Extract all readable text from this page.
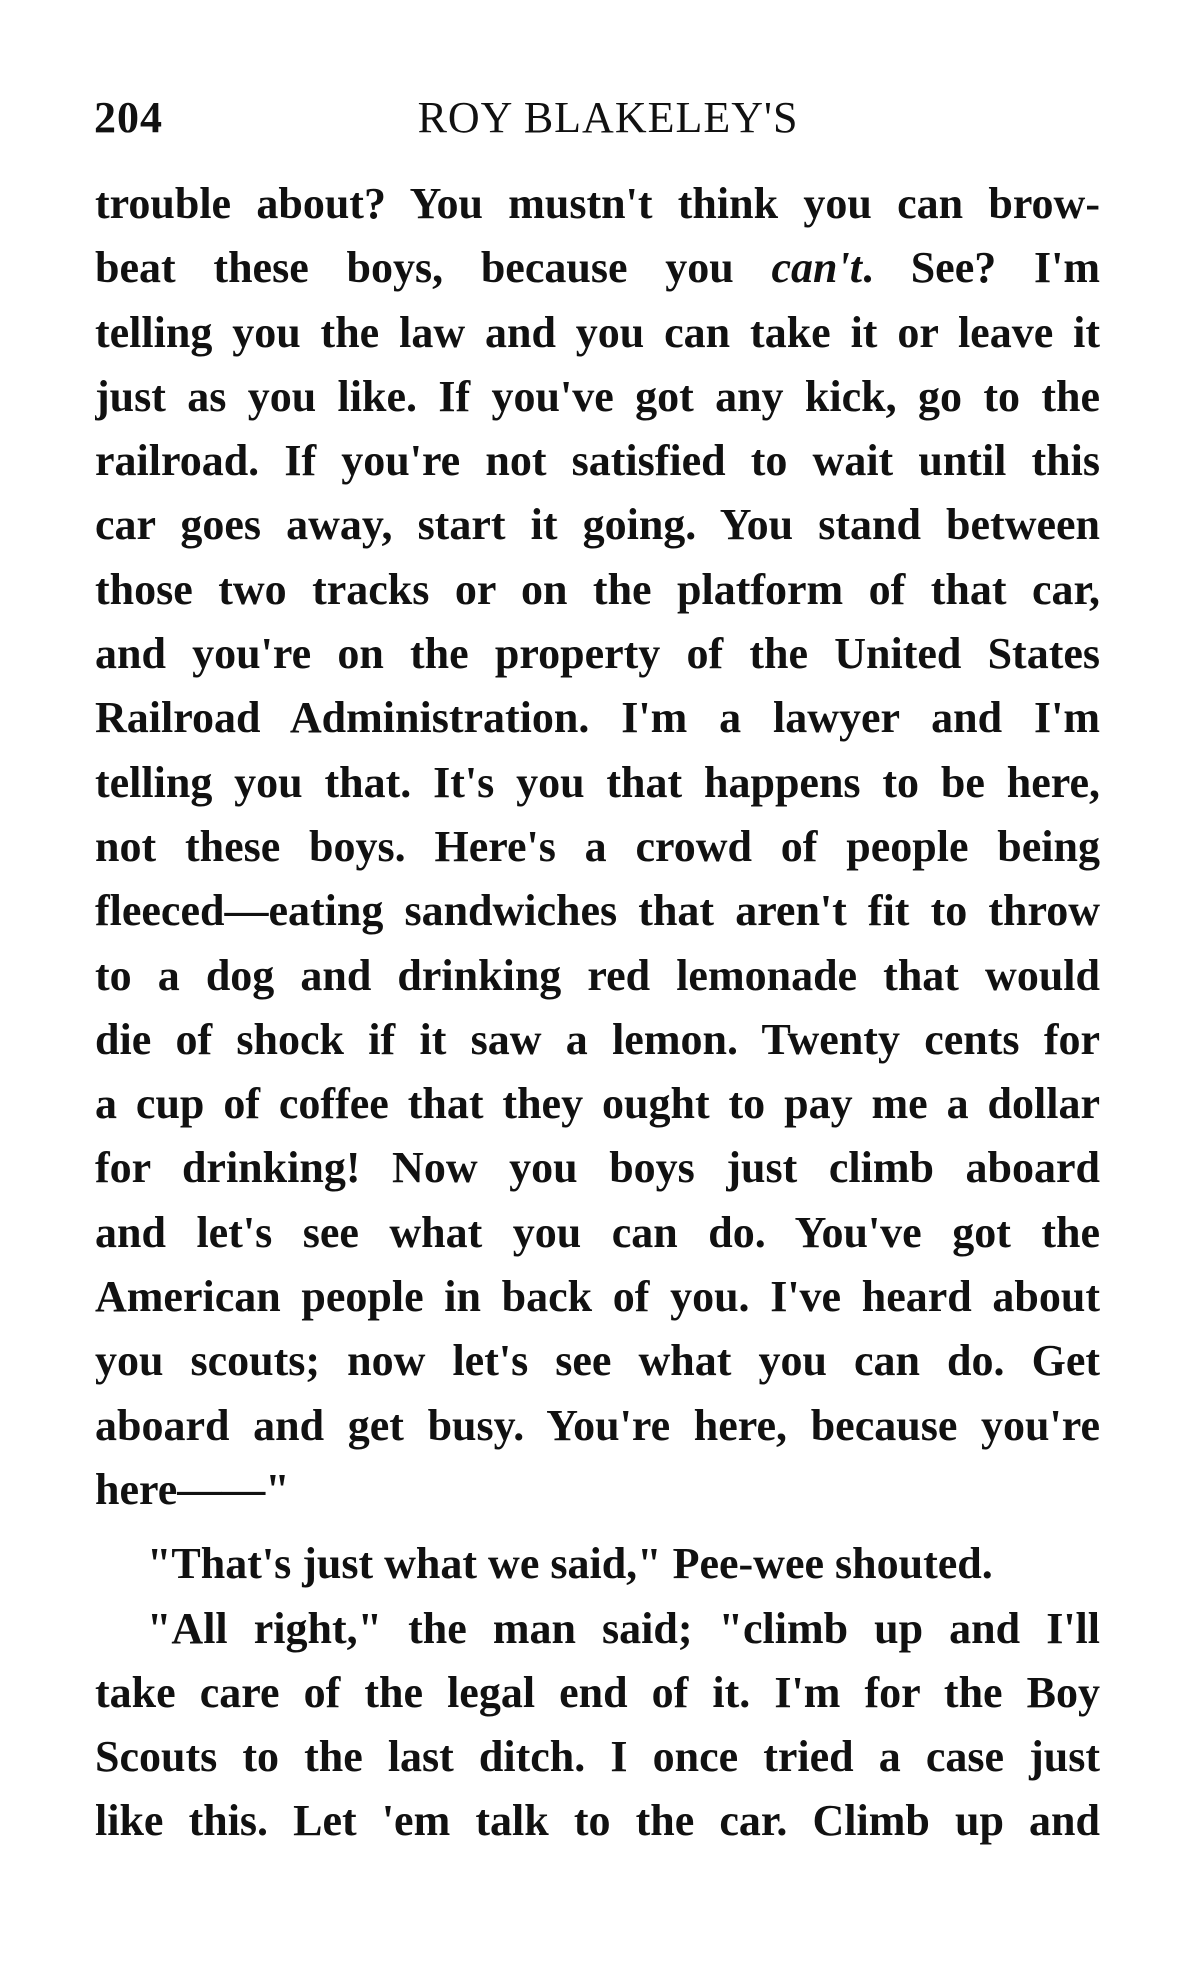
204	ROY BLAKELEY'S
trouble about? You mustn't think you can brow-
beat these boys, because you can't. See? I'm
telling you the law and you can take it or leave it
just as you like. If you've got any kick, go to the
railroad. If you're not satisfied to wait until this
car goes away, start it going. You stand between
those two tracks or on the platform of that car,
and you're on the property of the United States
Railroad Administration. I'm a lawyer and I'm
telling you that. It's you that happens to be here,
not these boys. Here's a crowd of people being
fleeced—eating sandwiches that aren't fit to throw
to a dog and drinking red lemonade that would
die of shock if it saw a lemon. Twenty cents for
a cup of coffee that they ought to pay me a dollar
for drinking! Now you boys just climb aboard
and let's see what you can do. You've got the
American people in back of you. I've heard about
you scouts; now let's see what you can do. Get
aboard and get busy. You're here, because you're
here——"
"That's just what we said," Pee-wee shouted.
"All right," the man said; "climb up and I'll
take care of the legal end of it. I'm for the Boy
Scouts to the last ditch. I once tried a case just
like this. Let 'em talk to the car. Climb up and
